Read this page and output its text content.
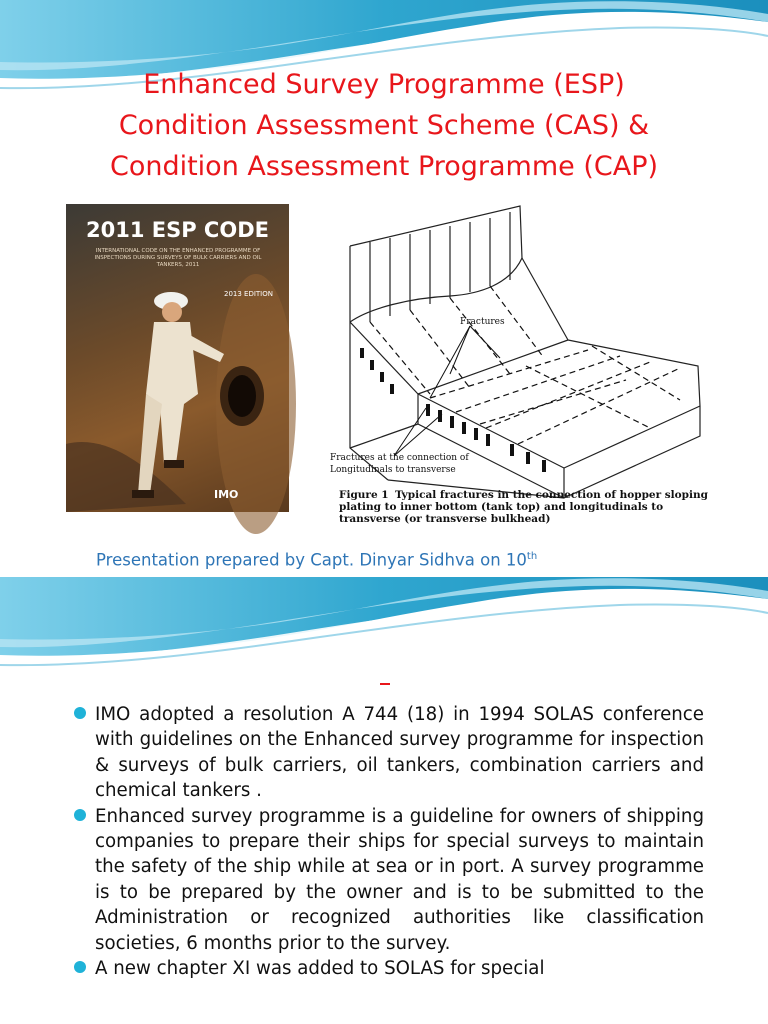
Enhanced Survey Programme (ESP)
Condition Assessment Scheme (CAS) &
Condition Assessment Programme (CAP)
2011 ESP CODE
INTERNATIONAL CODE ON THE ENHANCED PROGRAMME OF INSPECTIONS DURING SURVEYS OF BULK CARRIERS AND OIL TANKERS, 2011
2013 EDITION
IMO
Fractures
Fractures at the connection of
Longitudinals to transverse
Figure 1 Typical fractures in the connection of hopper sloping plating to inner bottom (tank top) and longitudinals to transverse (or transverse bulkhead)
Presentation prepared by Capt. Dinyar Sidhva on 10th

IMO adopted a resolution A 744 (18) in 1994 SOLAS conference with guidelines on the Enhanced survey programme for inspection & surveys of bulk carriers, oil tankers, combination carriers and chemical tankers .
Enhanced survey programme is a guideline for owners of shipping companies to prepare their ships for special surveys to maintain the safety of the ship while at sea or in port. A survey programme is to be prepared by the owner and is to be submitted to the Administration or recognized authorities like classification societies, 6 months prior to the survey.
A new chapter XI was added to SOLAS for special
